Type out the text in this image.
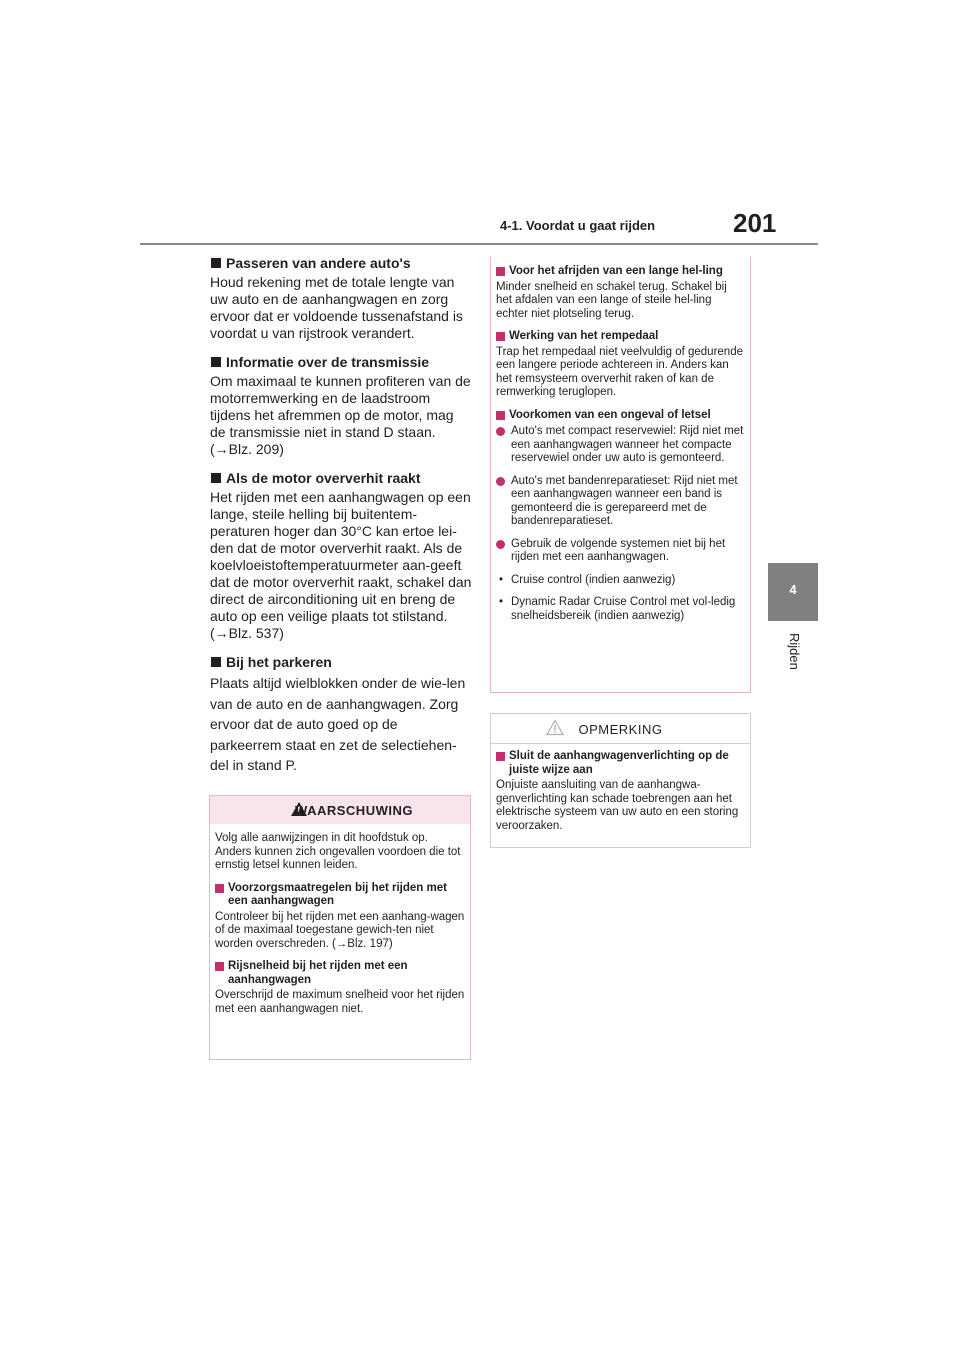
4-1. Voordat u gaat rijden	201
4
Rijden

Passeren van andere auto's

Houd rekening met de totale lengte van uw auto en de aanhangwagen en zorg ervoor dat er voldoende tussenafstand is voordat u van rijstrook verandert.

Informatie over de transmissie

Om maximaal te kunnen profiteren van de motorremwerking en de laadstroom tijdens het afremmen op de motor, mag de transmissie niet in stand D staan. (→Blz. 209)

Als de motor oververhit raakt

Het rijden met een aanhangwagen op een lange, steile helling bij buitentem-peraturen hoger dan 30°C kan ertoe lei-den dat de motor oververhit raakt. Als de koelvloeistoftemperatuurmeter aan-geeft dat de motor oververhit raakt, schakel dan direct de airconditioning uit en breng de auto op een veilige plaats tot stilstand. (→Blz. 537)

Bij het parkeren

Plaats altijd wielblokken onder de wie-len van de auto en de aanhangwagen. Zorg ervoor dat de auto goed op de parkeerrem staat en zet de selectiehen-del in stand P.

WAARSCHUWING

Volg alle aanwijzingen in dit hoofdstuk op. Anders kunnen zich ongevallen voordoen die tot ernstig letsel kunnen leiden.

Voorzorgsmaatregelen bij het rijden met een aanhangwagen

Controleer bij het rijden met een aanhang-wagen of de maximaal toegestane gewich-ten niet worden overschreden. (→Blz. 197)

Rijsnelheid bij het rijden met een aanhangwagen

Overschrijd de maximum snelheid voor het rijden met een aanhangwagen niet.

Voor het afrijden van een lange hel-ling

Minder snelheid en schakel terug. Schakel bij het afdalen van een lange of steile hel-ling echter niet plotseling terug.

Werking van het rempedaal

Trap het rempedaal niet veelvuldig of gedurende een langere periode achtereen in. Anders kan het remsysteem oververhit raken of kan de remwerking teruglopen.

Voorkomen van een ongeval of letsel

Auto's met compact reservewiel: Rijd niet met een aanhangwagen wanneer het compacte reservewiel onder uw auto is gemonteerd.

Auto's met bandenreparatieset: Rijd niet met een aanhangwagen wanneer een band is gemonteerd die is gerepareerd met de bandenreparatieset.

Gebruik de volgende systemen niet bij het rijden met een aanhangwagen.

• Cruise control (indien aanwezig)

• Dynamic Radar Cruise Control met vol-ledig snelheidsbereik (indien aanwezig)

OPMERKING

Sluit de aanhangwagenverlichting op de juiste wijze aan

Onjuiste aansluiting van de aanhangwa-genverlichting kan schade toebrengen aan het elektrische systeem van uw auto en een storing veroorzaken.
